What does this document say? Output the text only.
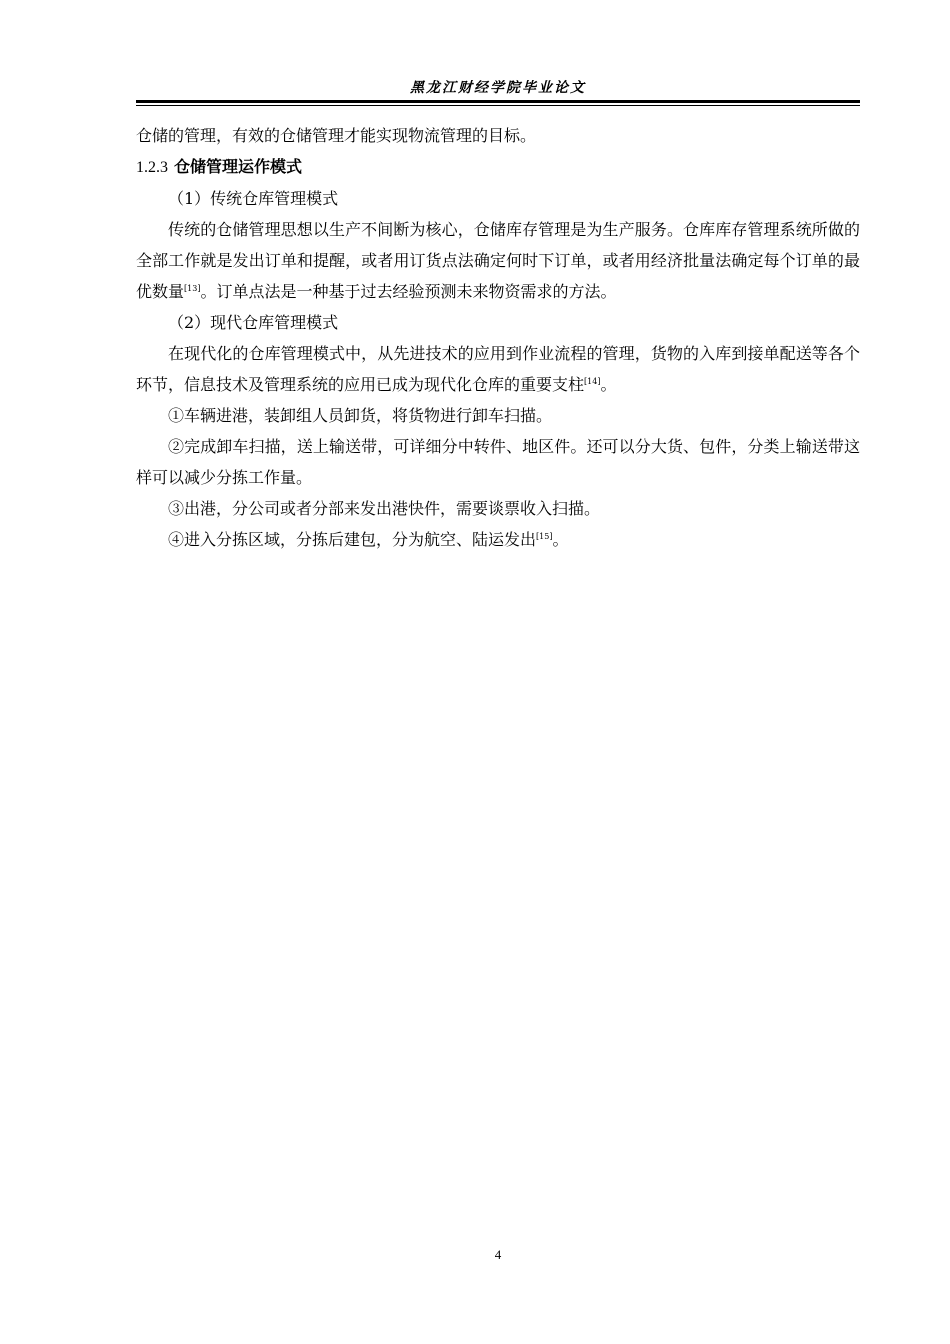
黑龙江财经学院毕业论文

仓储的管理，有效的仓储管理才能实现物流管理的目标。

1.2.3 仓储管理运作模式

（1）传统仓库管理模式

传统的仓储管理思想以生产不间断为核心，仓储库存管理是为生产服务。仓库库存管理系统所做的全部工作就是发出订单和提醒，或者用订货点法确定何时下订单，或者用经济批量法确定每个订单的最优数量[13]。订单点法是一种基于过去经验预测未来物资需求的方法。

（2）现代仓库管理模式

在现代化的仓库管理模式中，从先进技术的应用到作业流程的管理，货物的入库到接单配送等各个环节，信息技术及管理系统的应用已成为现代化仓库的重要支柱[14]。

①车辆进港，装卸组人员卸货，将货物进行卸车扫描。

②完成卸车扫描，送上输送带，可详细分中转件、地区件。还可以分大货、包件，分类上输送带这样可以减少分拣工作量。

③出港，分公司或者分部来发出港快件，需要谈票收入扫描。

④进入分拣区域，分拣后建包，分为航空、陆运发出[15]。

4
